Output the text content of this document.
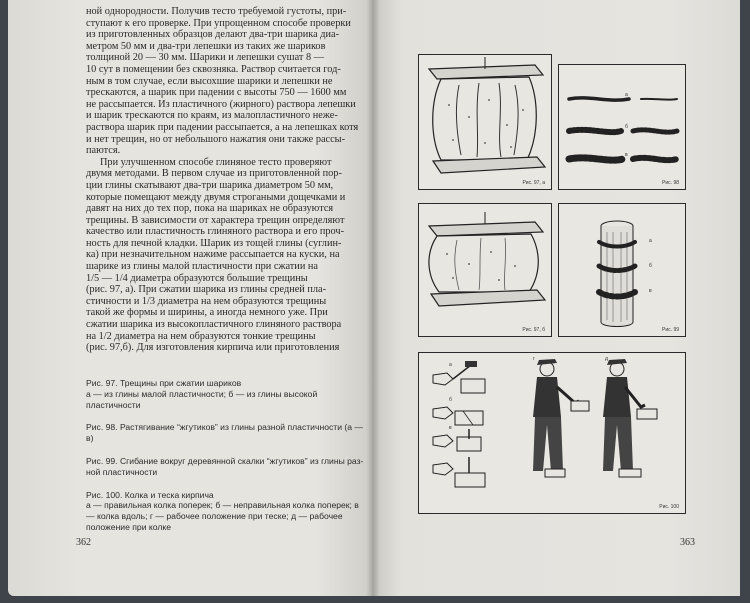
ной однородности. Получив тесто требуемой густоты, при-
ступают к его проверке. При упрощенном способе проверки
из приготовленных образцов делают два-три шарика диа-
метром 50 мм и два-три лепешки из таких же шариков
толщиной 20 — 30 мм. Шарики и лепешки сушат 8 —
10 сут в помещении без сквозняка. Раствор считается год-
ным в том случае, если высохшие шарики и лепешки не
трескаются, а шарик при падении с высоты 750 — 1600 мм
не рассыпается. Из пластичного (жирного) раствора лепешки
и шарик трескаются по краям, из малопластичного неже-
раствора шарик при падении рассыпается, а на лепешках котя
и нет трещин, но от небольшого нажатия они также рассы-
паются.
При улучшенном способе глиняное тесто проверяют
двумя методами. В первом случае из приготовленной пор-
ции глины скатывают два-три шарика диаметром 50 мм,
которые помещают между двумя строгаными дощечками и
давят на них до тех пор, пока на шариках не образуются
трещины. В зависимости от характера трещин определяют
качество или пластичность глиняного раствора и его проч-
ность для печной кладки. Шарик из тощей глины (суглин-
ка) при незначительном нажиме рассыпается на куски, на
шарике из глины малой пластичности при сжатии на
1/5 — 1/4 диаметра образуются большие трещины
(рис. 97, а). При сжатии шарика из глины средней пла-
стичности и 1/3 диаметра на нем образуются трещины
такой же формы и ширины, а иногда немного уже. При
сжатии шарика из высокопластичного глиняного раствора
на 1/2 диаметра на нем образуются тонкие трещины
(рис. 97,б). Для изготовления кирпича или приготовления
Рис. 97. Трещины при сжатии шариков
а — из глины малой пластичности; б — из глины высокой пластичности
Рис. 98. Растягивание “жгутиков” из глины разной пластичности (а — в)
Рис. 99. Сгибание вокруг деревянной скалки “жгутиков” из глины раз-
ной пластичности
Рис. 100. Колка и теска кирпича
а — правильная колка поперек; б — неправильная колка поперек; в — колка вдоль; г — рабочее положение при теске; д — рабочее положение при колке
362
Рис. 97, а
а
б
в
Рис. 98
Рис. 97, б
а
б
в
Рис. 99
а
б
в
г	д
Рис. 100
363
